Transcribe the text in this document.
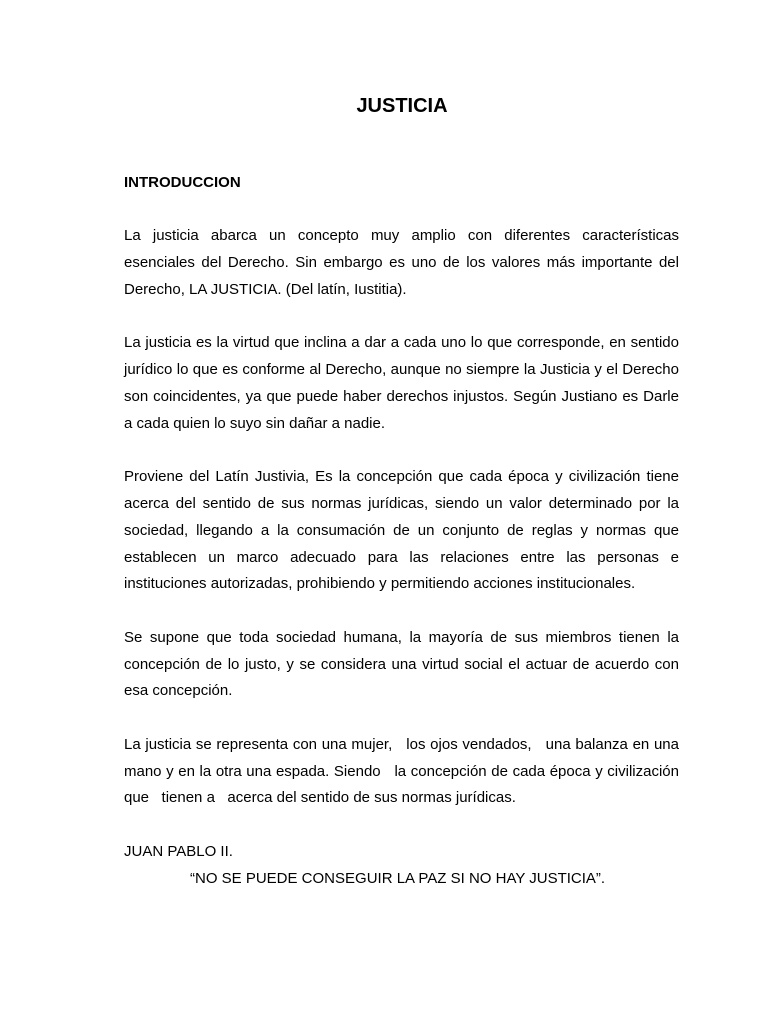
JUSTICIA

INTRODUCCION

La justicia abarca un concepto muy amplio con diferentes características esenciales del Derecho. Sin embargo es uno de los valores más importante del Derecho, LA JUSTICIA. (Del latín, Iustitia).

La justicia es la virtud que inclina a dar a cada uno lo que corresponde, en sentido jurídico lo que es conforme al Derecho, aunque no siempre la Justicia y el Derecho son coincidentes, ya que puede haber derechos injustos. Según Justiano es Darle a cada quien lo suyo sin dañar a nadie.

Proviene del Latín Justivia, Es la concepción que cada época y civilización tiene acerca del sentido de sus normas jurídicas, siendo un valor determinado por la sociedad, llegando a la consumación de un conjunto de reglas y normas que establecen un marco adecuado para las relaciones entre las personas e instituciones autorizadas, prohibiendo y permitiendo acciones institucionales.

Se supone que toda sociedad humana, la mayoría de sus miembros tienen la concepción de lo justo, y se considera una virtud social el actuar de acuerdo con esa concepción.

La justicia se representa con una mujer,   los ojos vendados,   una balanza en una mano y en la otra una espada. Siendo   la concepción de cada época y civilización que   tienen a   acerca del sentido de sus normas jurídicas.

JUAN PABLO II.

“NO SE PUEDE CONSEGUIR LA PAZ SI NO HAY JUSTICIA”.
